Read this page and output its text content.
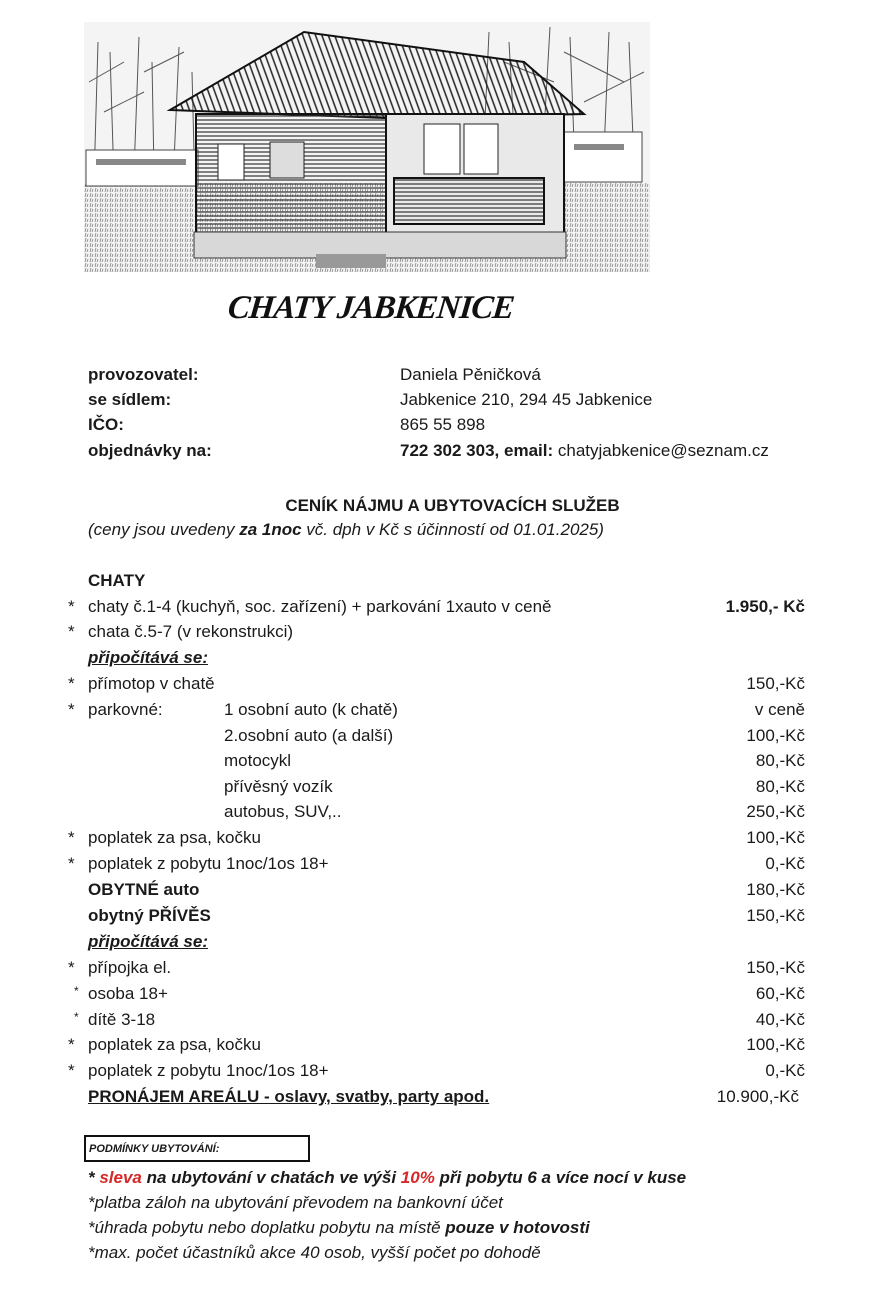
CHATY JABKENICE
provozovatel:	Daniela Pěničková
se sídlem:	Jabkenice 210, 294 45 Jabkenice
IČO:	865 55 898
objednávky na:	722 302 303, email: chatyjabkenice@seznam.cz
CENÍK NÁJMU A UBYTOVACÍCH SLUŽEB
(ceny jsou uvedeny za 1noc vč. dph v Kč s účinností od 01.01.2025)
CHATY
* chaty č.1-4 (kuchyň, soc. zařízení) + parkování 1xauto v ceně	1.950,- Kč
* chata č.5-7 (v rekonstrukci)
připočítává se:
* přímotop v chatě	150,-Kč
* parkovné:	1 osobní auto (k chatě)	v ceně
2.osobní auto (a další)	100,-Kč
motocykl	80,-Kč
přívěsný vozík	80,-Kč
autobus, SUV,..	250,-Kč
* poplatek za psa, kočku	100,-Kč
* poplatek z pobytu 1noc/1os 18+	0,-Kč
OBYTNÉ auto	180,-Kč
obytný PŘÍVĚS	150,-Kč
připočítává se:
* přípojka el.	150,-Kč
* osoba 18+	60,-Kč
* dítě 3-18	40,-Kč
* poplatek za psa, kočku	100,-Kč
* poplatek z pobytu 1noc/1os 18+	0,-Kč
PRONÁJEM AREÁLU - oslavy, svatby, party apod.	10.900,-Kč
PODMÍNKY UBYTOVÁNÍ:
* sleva na ubytování v chatách ve výši 10% při pobytu 6 a více nocí v kuse
*platba záloh na ubytování převodem na bankovní účet
*úhrada pobytu nebo doplatku pobytu na místě pouze v hotovosti
*max. počet účastníků akce 40 osob, vyšší počet po dohodě
